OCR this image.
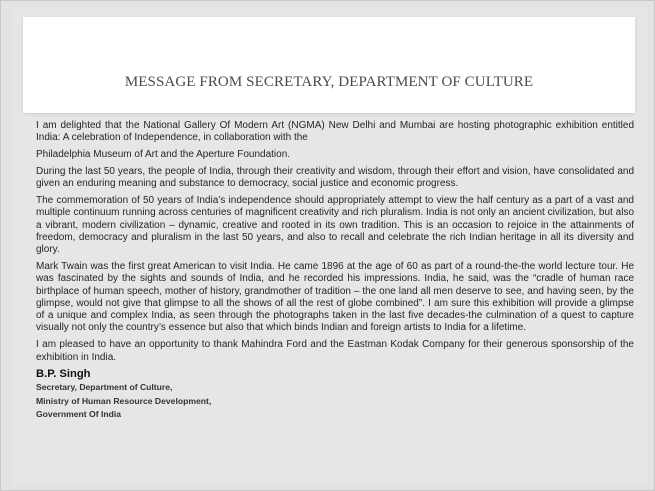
MESSAGE FROM SECRETARY, DEPARTMENT OF CULTURE

I am delighted that the National Gallery Of Modern Art (NGMA) New Delhi and Mumbai are hosting photographic exhibition entitled India: A celebration of Independence, in collaboration with the

Philadelphia Museum of Art and the Aperture Foundation.

During the last 50 years, the people of India, through their creativity and wisdom, through their effort and vision, have consolidated and given an enduring meaning and substance to democracy, social justice and economic progress.

The commemoration of 50 years of India’s independence should appropriately attempt to view the half century as a part of a vast and multiple continuum running across centuries of magnificent creativity and rich pluralism. India is not only an ancient civilization, but also a vibrant, modern civilization – dynamic, creative and rooted in its own tradition. This is an occasion to rejoice in the attainments of freedom, democracy and pluralism in the last 50 years, and also to recall and celebrate the rich Indian heritage in all its diversity and glory.

Mark Twain was the first great American to visit India. He came 1896 at the age of 60 as part of a round-the-the world lecture tour. He was fascinated by the sights and sounds of India, and he recorded his impressions. India, he said, was the “cradle of human race birthplace of human speech, mother of history, grandmother of tradition – the one land all men deserve to see, and having seen, by the glimpse, would not give that glimpse to all the shows of all the rest of globe combined”. I am sure this exhibition will provide a glimpse of a unique and complex India, as seen through the photographs taken in the last five decades-the culmination of a quest to capture visually not only the country’s essence but also that which binds Indian and foreign artists to India for a lifetime.

I am pleased to have an opportunity to thank Mahindra Ford and the Eastman Kodak Company for their generous sponsorship of the exhibition in India.

B.P. Singh
Secretary, Department of Culture,
Ministry of Human Resource Development,
Government Of India
